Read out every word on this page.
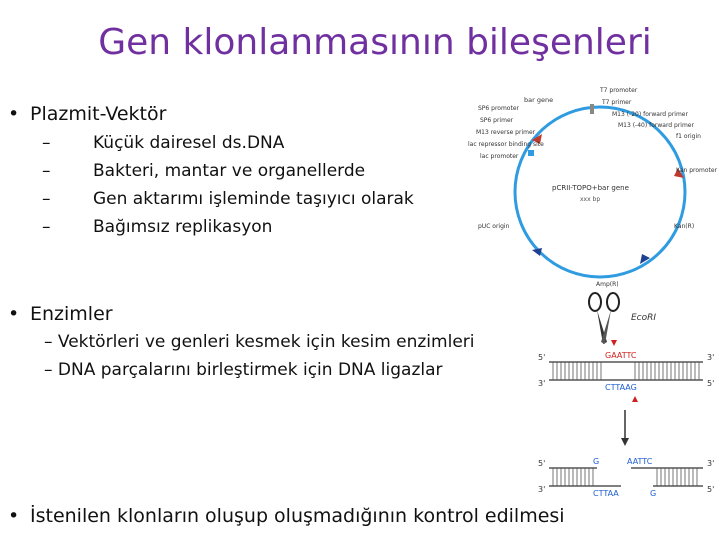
Gen klonlanmasının bileşenleri
• Plazmit-Vektör
–	Küçük dairesel ds.DNA
–	Bakteri, mantar ve organellerde
–	Gen aktarımı işleminde taşıyıcı olarak
–	Bağımsız replikasyon
• Enzimler
– Vektörleri ve genleri kesmek için kesim enzimleri
– DNA parçalarını birleştirmek için DNA ligazlar
• İstenilen klonların oluşup oluşmadığının kontrol edilmesi
bar gene
SP6 promoter
SP6 primer
M13 reverse primer
lac repressor binding site
lac promoter
T7 promoter
T7 primer
M13 (-20) forward primer
M13 (-40) forward primer
f1 origin
Kan promoter
pCRII-TOPO+bar gene
xxx bp
pUC origin	Kan(R)
Amp(R)
EcoRI
5'	3'
3'	5'
GAATTC
CTTAAG
5'	3'
3'	5'
G	AATTC
CTTAA	G
